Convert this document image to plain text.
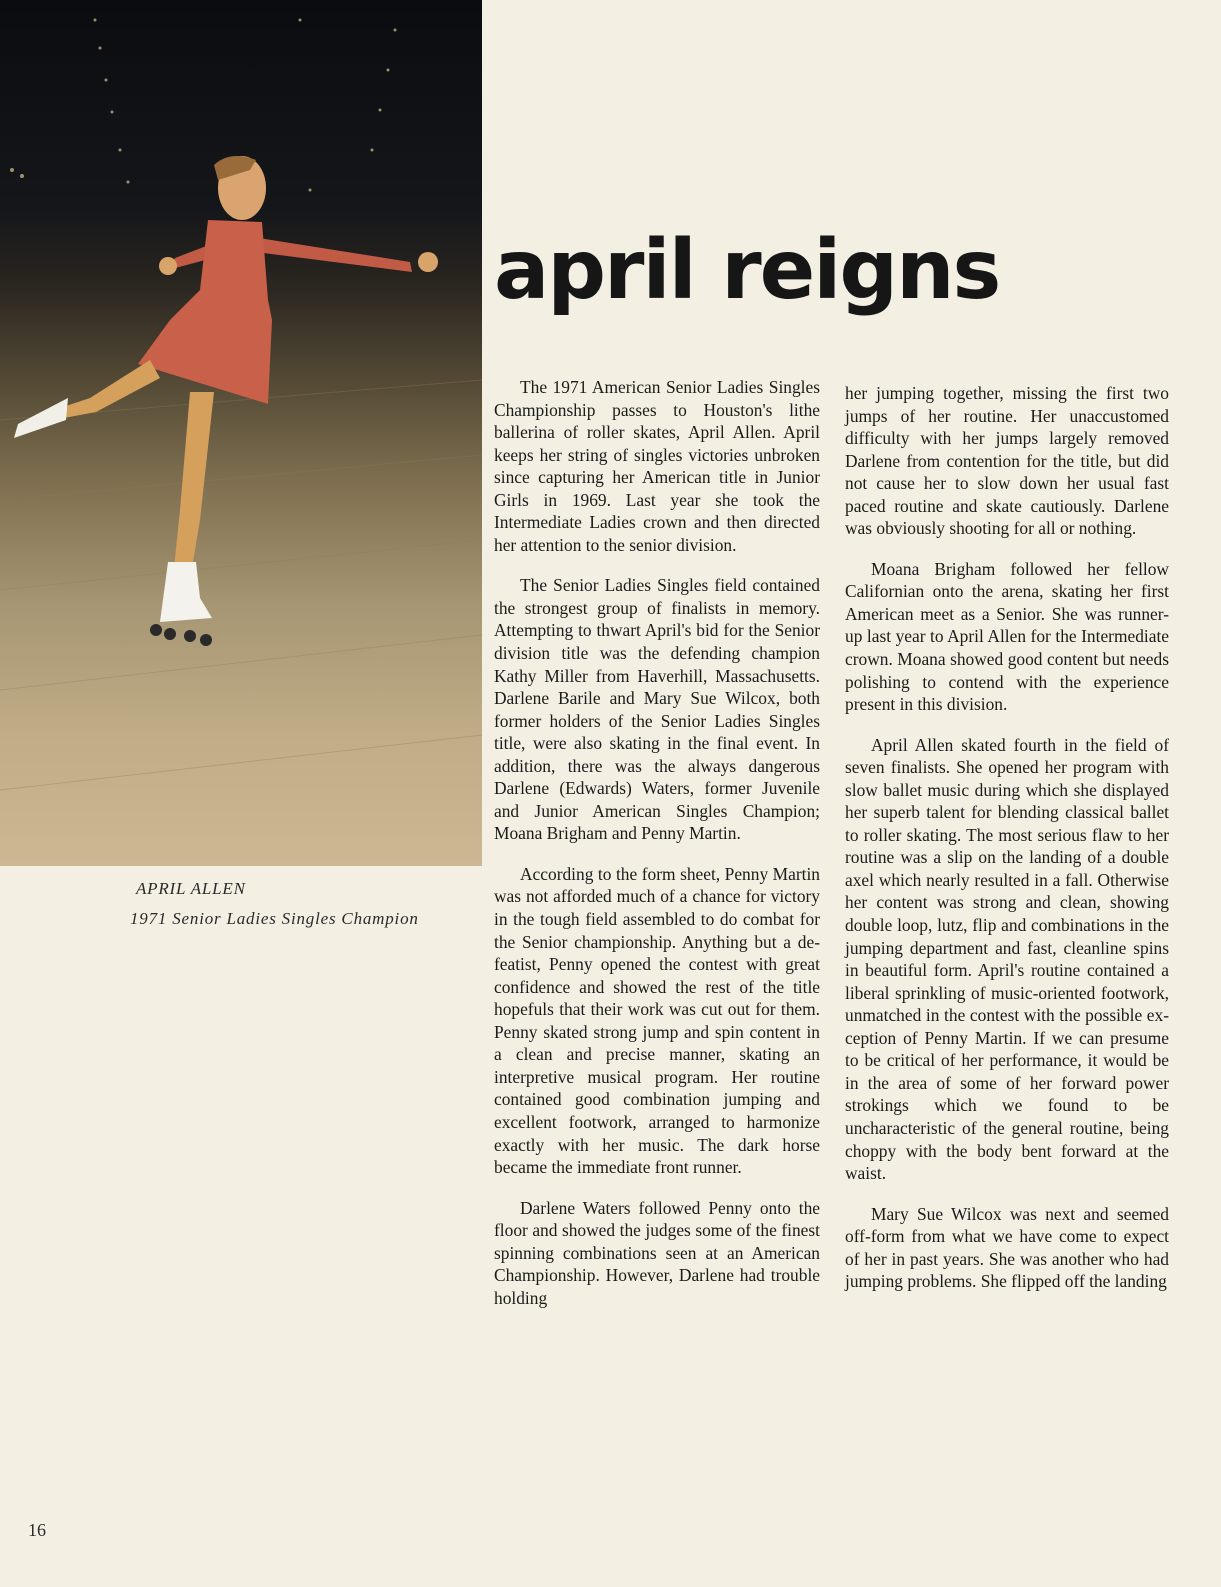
april reigns
APRIL ALLEN
1971 Senior Ladies Singles Champion

The 1971 American Senior Ladies Singles Championship passes to Houston's lithe ballerina of roller skates, April Allen. April keeps her string of singles victories unbroken since capturing her American title in Junior Girls in 1969. Last year she took the Intermediate Ladies crown and then directed her attention to the senior division.

The Senior Ladies Singles field contained the strongest group of finalists in memory. Attempting to thwart April's bid for the Senior division title was the defending champion Kathy Miller from Haverhill, Massachusetts. Darlene Barile and Mary Sue Wilcox, both former holders of the Senior Ladies Singles title, were also skating in the final event. In addition, there was the always dangerous Darlene (Edwards) Waters, former Juvenile and Junior American Singles Champion; Moana Brigham and Penny Martin.

According to the form sheet, Penny Martin was not afforded much of a chance for victory in the tough field assembled to do combat for the Senior championship. Anything but a defeatist, Penny opened the contest with great confidence and showed the rest of the title hopefuls that their work was cut out for them. Penny skated strong jump and spin content in a clean and precise manner, skating an interpretive musical program. Her routine contained good combination jumping and excellent footwork, arranged to harmonize exactly with her music. The dark horse became the immediate front runner.

Darlene Waters followed Penny onto the floor and showed the judges some of the finest spinning combinations seen at an American Championship. However, Darlene had trouble holding

her jumping together, missing the first two jumps of her routine. Her unaccustomed difficulty with her jumps largely removed Darlene from contention for the title, but did not cause her to slow down her usual fast paced routine and skate cautiously. Darlene was obviously shooting for all or nothing.

Moana Brigham followed her fellow Californian onto the arena, skating her first American meet as a Senior. She was runner-up last year to April Allen for the Intermediate crown. Moana showed good content but needs polishing to contend with the experience present in this division.

April Allen skated fourth in the field of seven finalists. She opened her program with slow ballet music during which she displayed her superb talent for blending classical ballet to roller skating. The most serious flaw to her routine was a slip on the landing of a double axel which nearly resulted in a fall. Otherwise her content was strong and clean, showing double loop, lutz, flip and combinations in the jumping department and fast, cleanline spins in beautiful form. April's routine contained a liberal sprinkling of music-oriented footwork, unmatched in the contest with the possible exception of Penny Martin. If we can presume to be critical of her performance, it would be in the area of some of her forward power strokings which we found to be uncharacteristic of the general routine, being choppy with the body bent forward at the waist.

Mary Sue Wilcox was next and seemed off-form from what we have come to expect of her in past years. She was another who had jumping problems. She flipped off the landing

16
